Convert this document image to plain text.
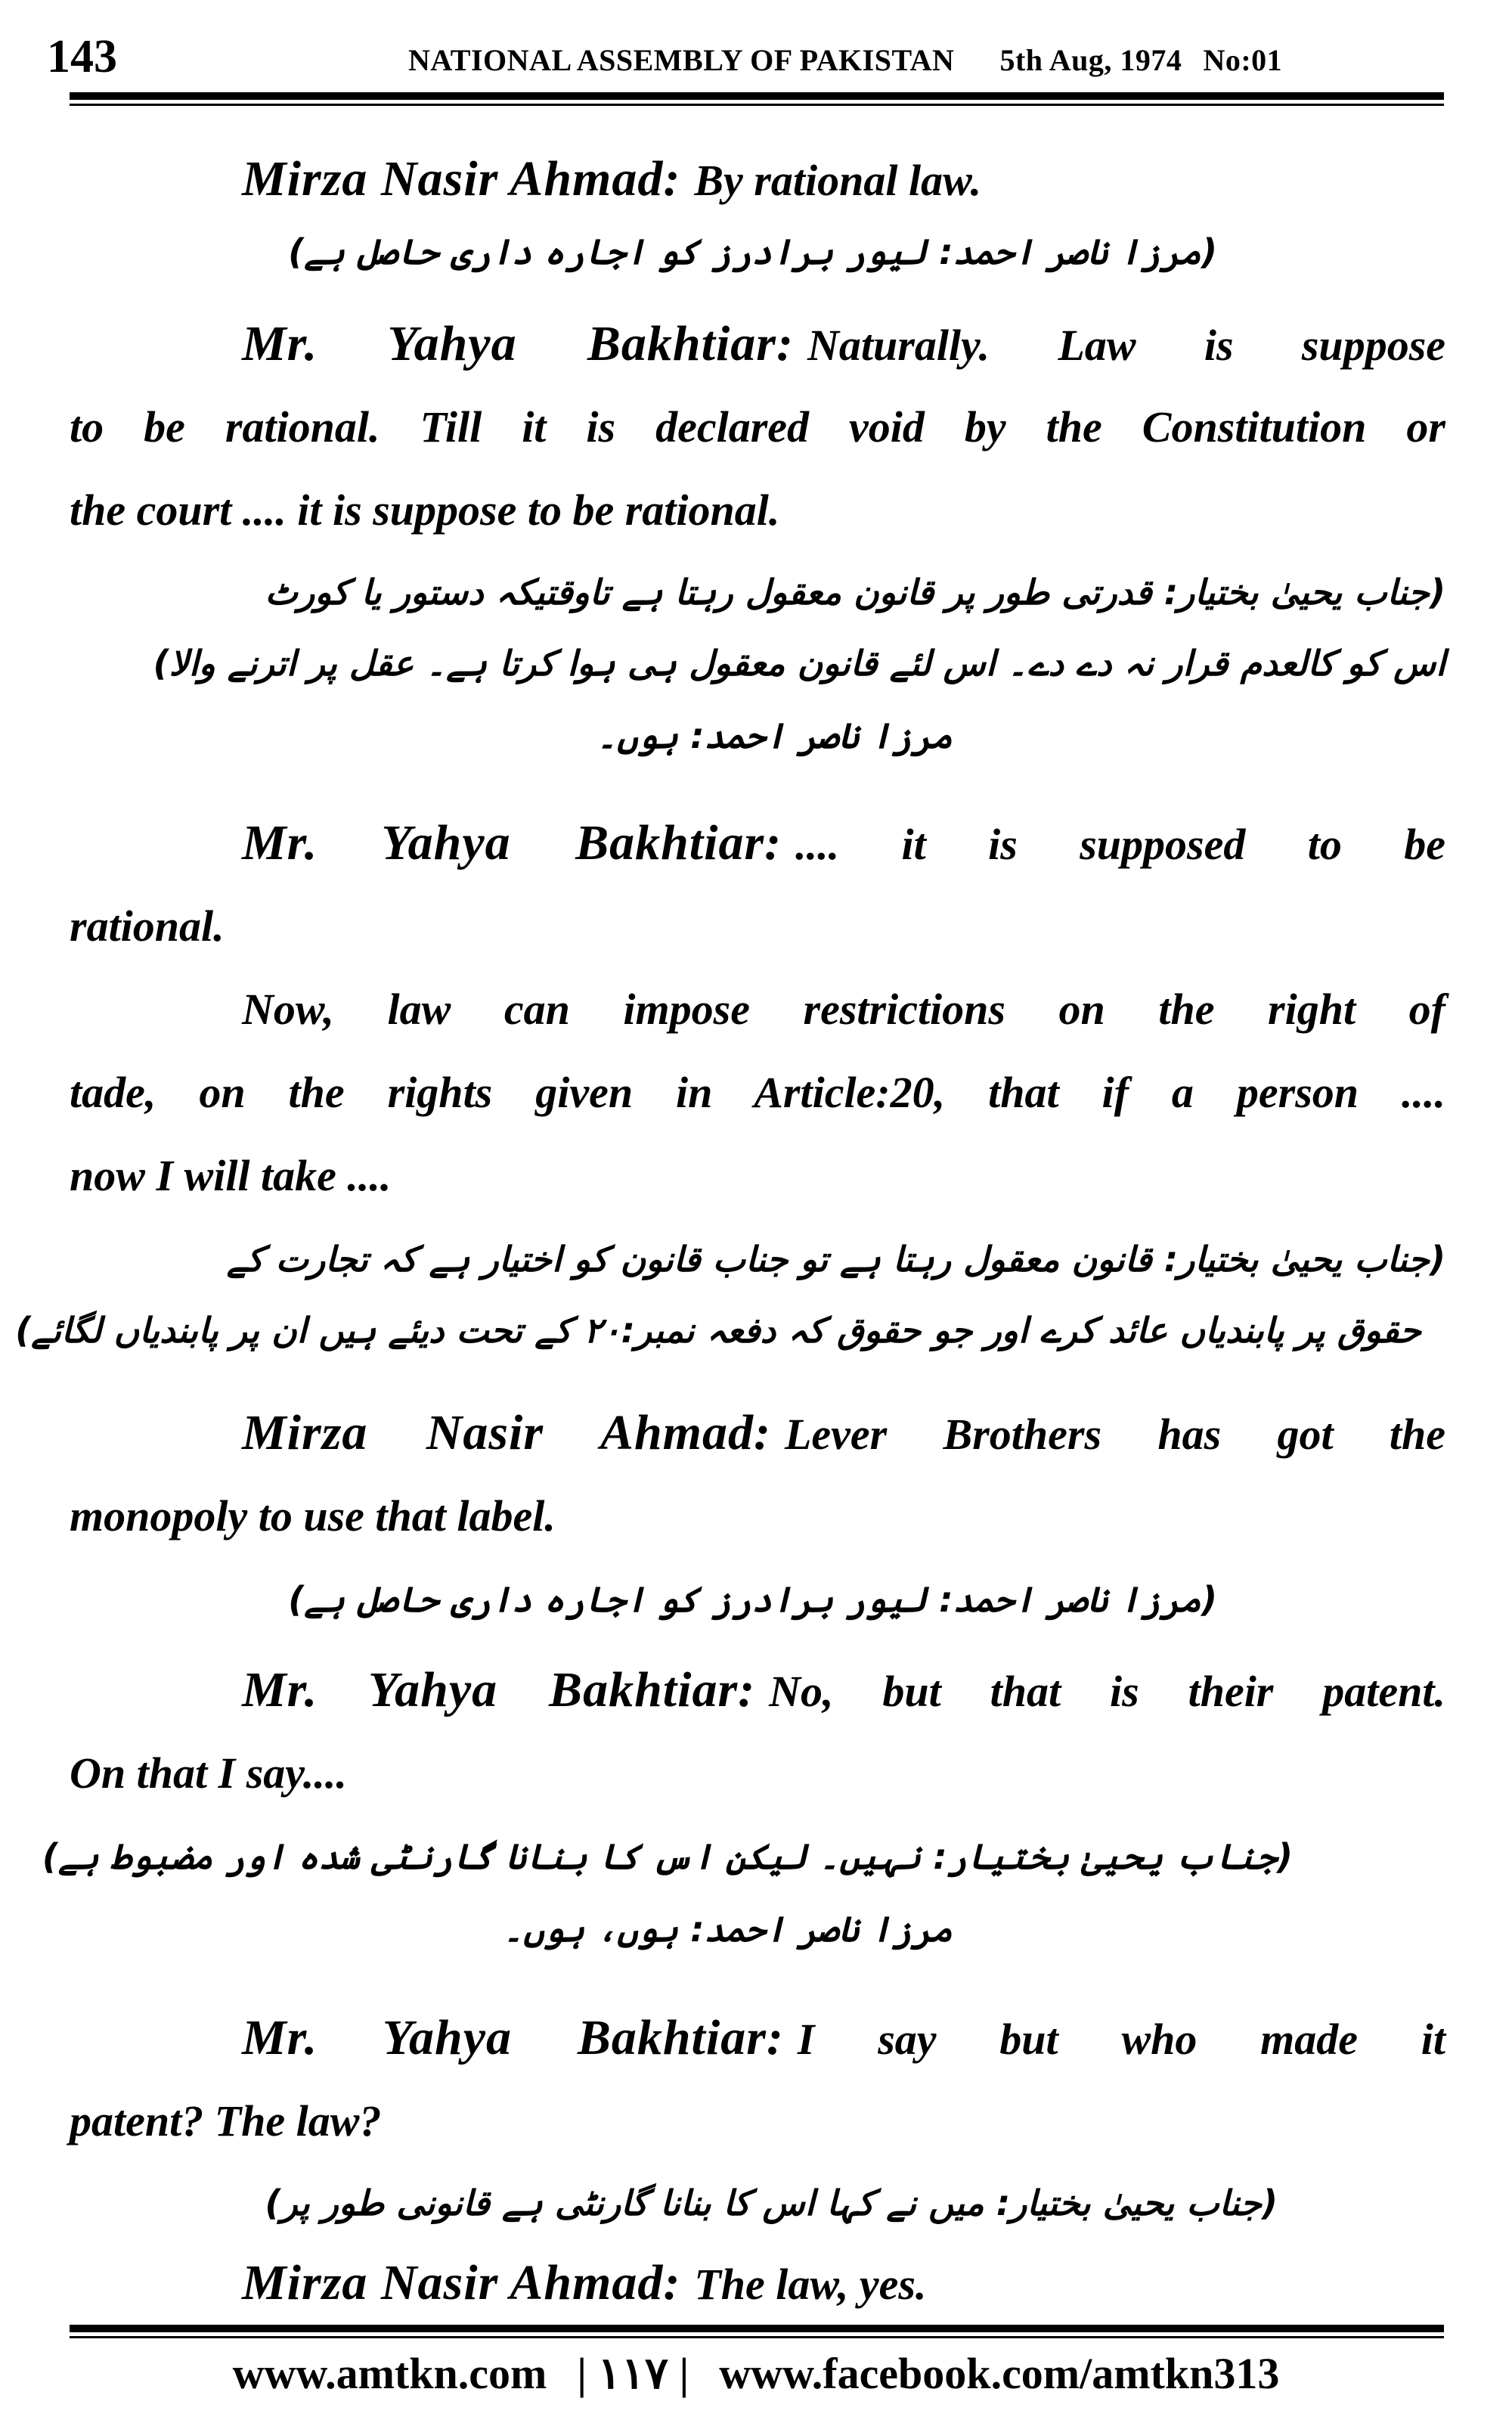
143	NATIONAL ASSEMBLY OF PAKISTAN 5th Aug, 1974 No:01
Mirza Nasir Ahmad: By rational law.
(مرزا ناصر احمد: لیور برادرز کو اجارہ داری حاصل ہے)
Mr. Yahya Bakhtiar: Naturally. Law is suppose
to be rational. Till it is declared void by the Constitution or
the court .... it is suppose to be rational.
(جناب یحییٰ بختیار: قدرتی طور پر قانون معقول رہتا ہے تاوقتیکہ دستور یا کورٹ
اس کو کالعدم قرار نہ دے دے۔ اس لئے قانون معقول ہی ہوا کرتا ہے۔ عقل پر اترنے والا)
مرزا ناصر احمد: ہوں۔
Mr. Yahya Bakhtiar: .... it is supposed to be
rational.
Now, law can impose restrictions on the right of
tade, on the rights given in Article:20, that if a person ....
now I will take ....
(جناب یحییٰ بختیار: قانون معقول رہتا ہے تو جناب قانون کو اختیار ہے کہ تجارت کے
حقوق پر پابندیاں عائد کرے اور جو حقوق کہ دفعہ نمبر:۲۰ کے تحت دیئے ہیں ان پر پابندیاں لگائے)
Mirza Nasir Ahmad: Lever Brothers has got the
monopoly to use that label.
(مرزا ناصر احمد: لیور برادرز کو اجارہ داری حاصل ہے)
Mr. Yahya Bakhtiar: No, but that is their patent.
On that I say....
(جناب یحییٰ بختیار: نہیں۔ لیکن اس کا بنانا گارنٹی شدہ اور مضبوط ہے)
مرزا ناصر احمد: ہوں، ہوں۔
Mr. Yahya Bakhtiar: I say but who made it
patent? The law?
(جناب یحییٰ بختیار: میں نے کہا اس کا بنانا گارنٹی ہے قانونی طور پر)
Mirza Nasir Ahmad: The law, yes.
www.amtkn.com | ۱۱۷ | www.facebook.com/amtkn313
